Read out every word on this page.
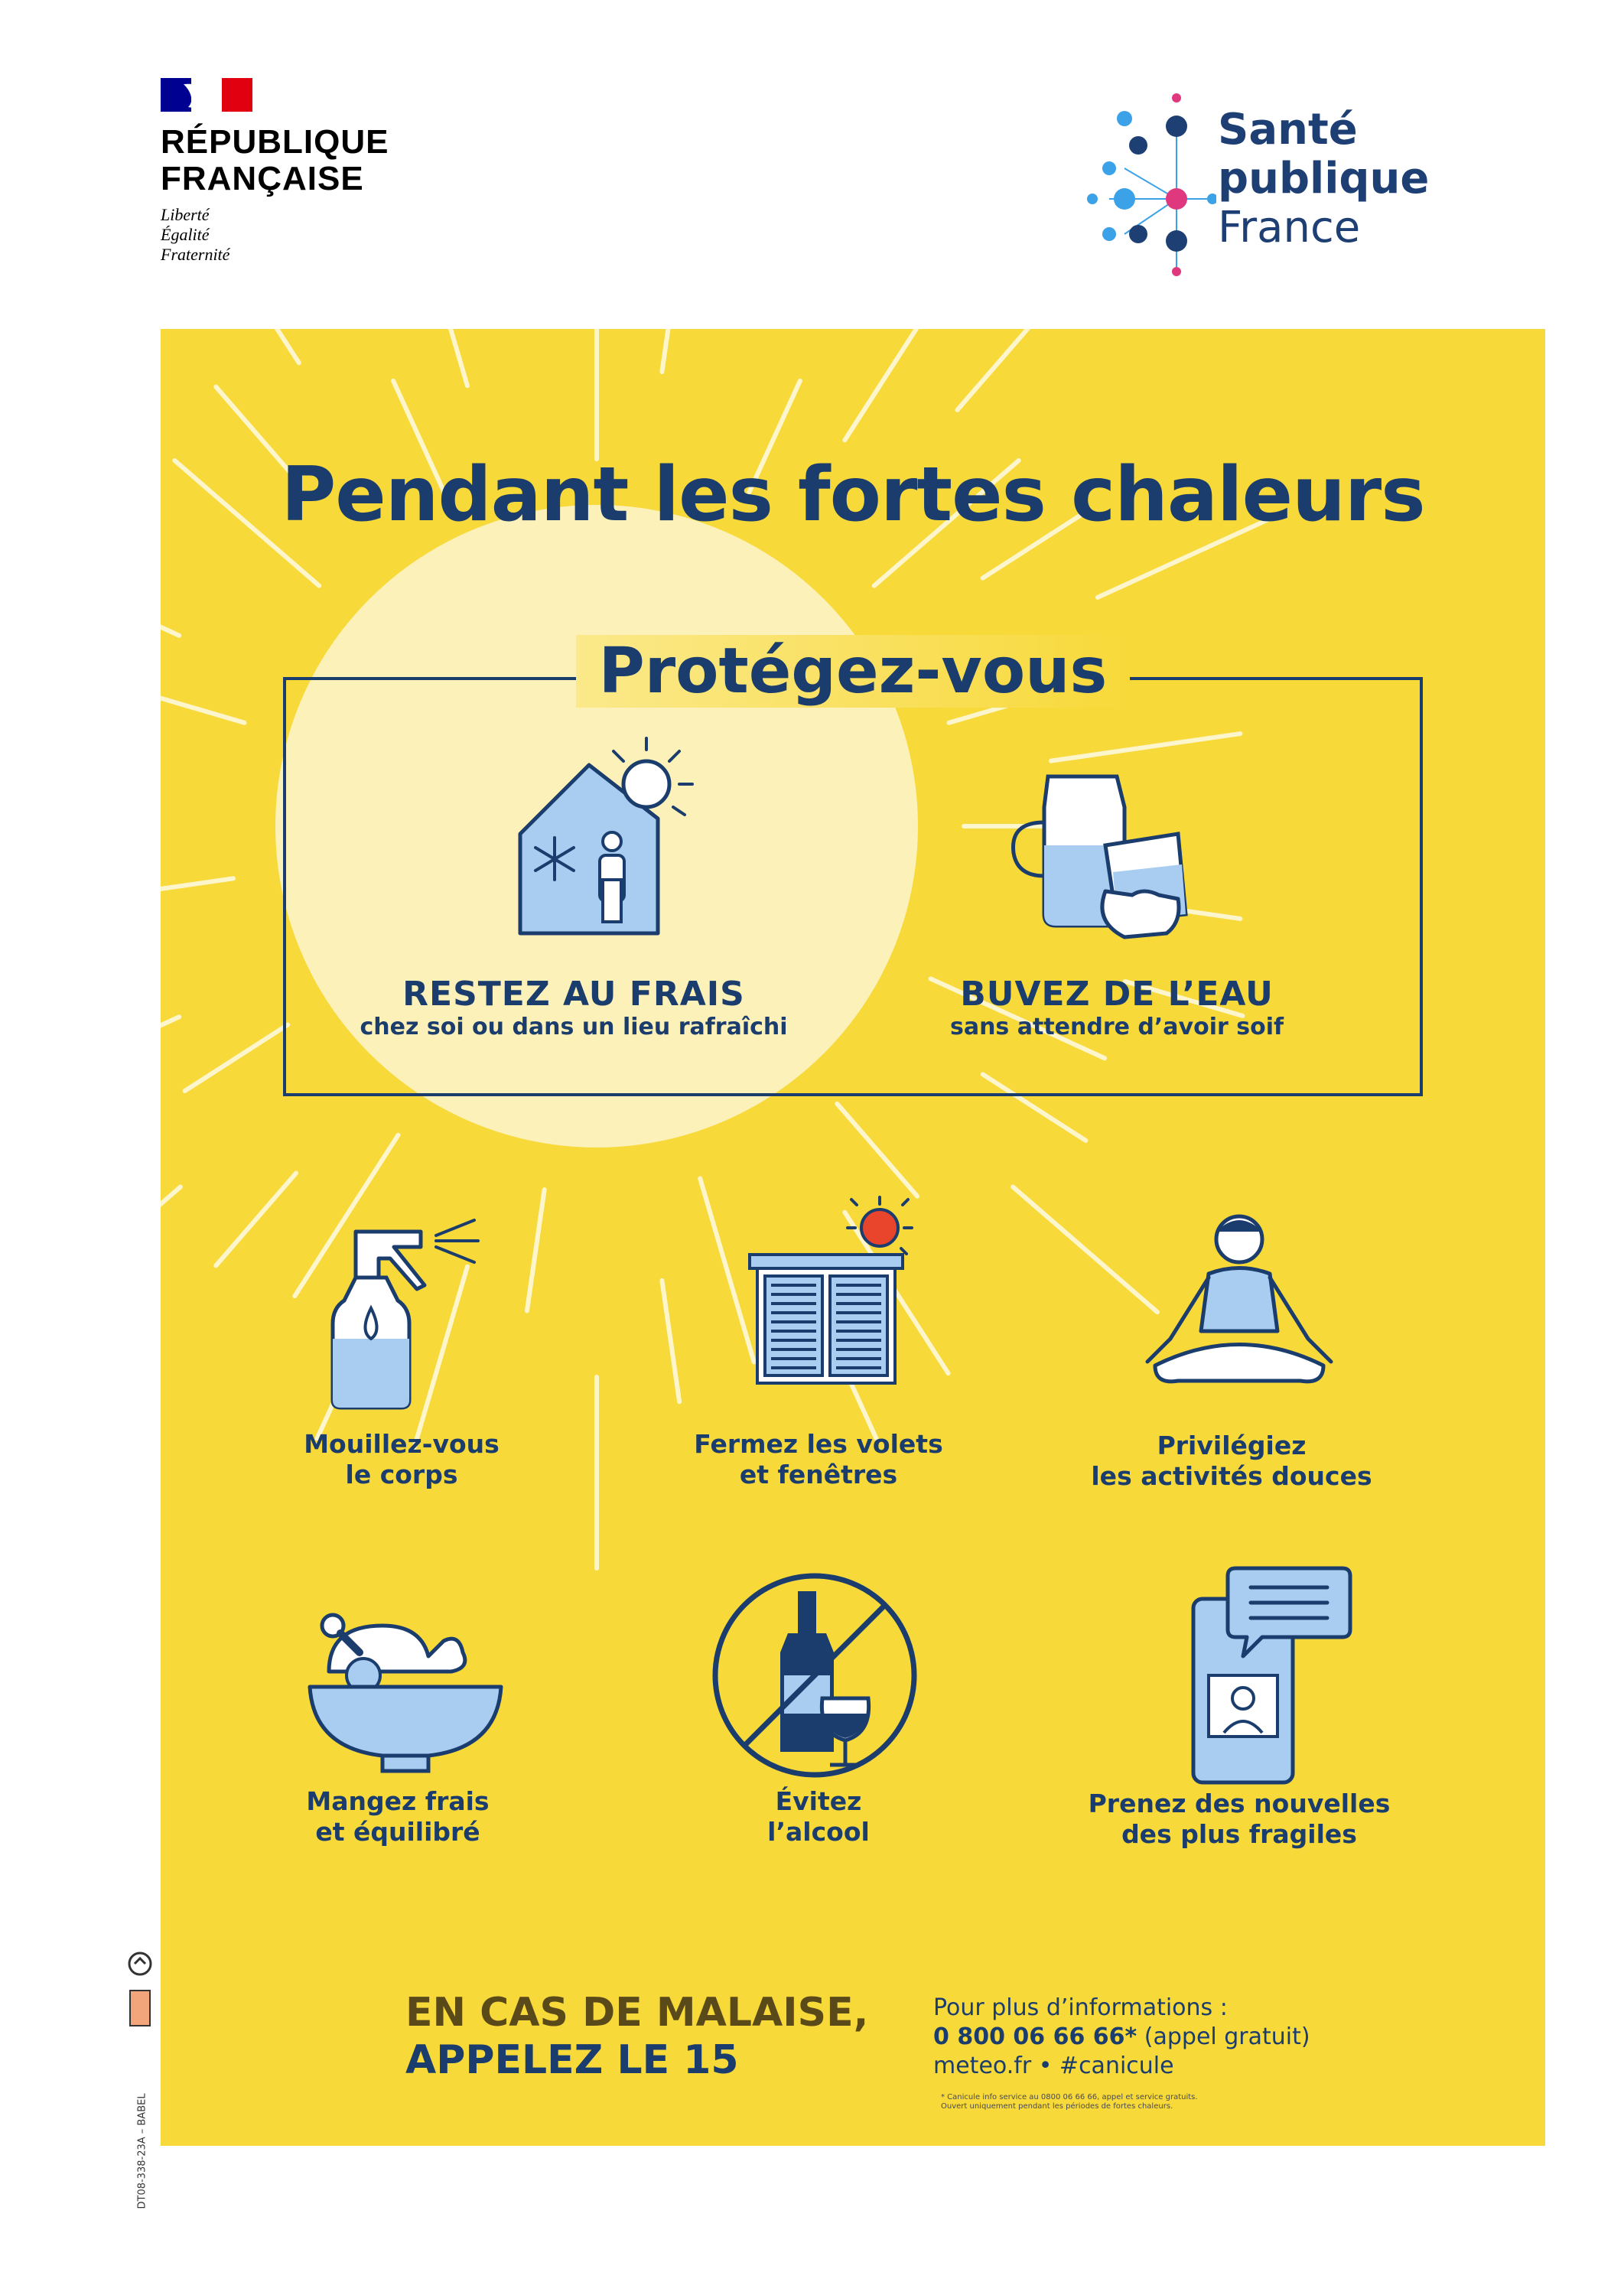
RÉPUBLIQUE
FRANÇAISE
Liberté
Égalité
Fraternité
Santé
publique
France
Pendant les fortes chaleurs
Protégez-vous
RESTEZ AU FRAIS
chez soi ou dans un lieu rafraîchi
BUVEZ DE L’EAU
sans attendre d’avoir soif
Mouillez-vous
le corps
Fermez les volets
et fenêtres
Privilégiez
les activités douces
Mangez frais
et équilibré
Évitez
l’alcool
Prenez des nouvelles
des plus fragiles
EN CAS DE MALAISE,
APPELEZ LE 15
Pour plus d’informations :
0 800 06 66 66* (appel gratuit)
meteo.fr • #canicule
* Canicule info service au 0800 06 66 66, appel et service gratuits.
Ouvert uniquement pendant les périodes de fortes chaleurs.
DT08-338-23A – BABEL
